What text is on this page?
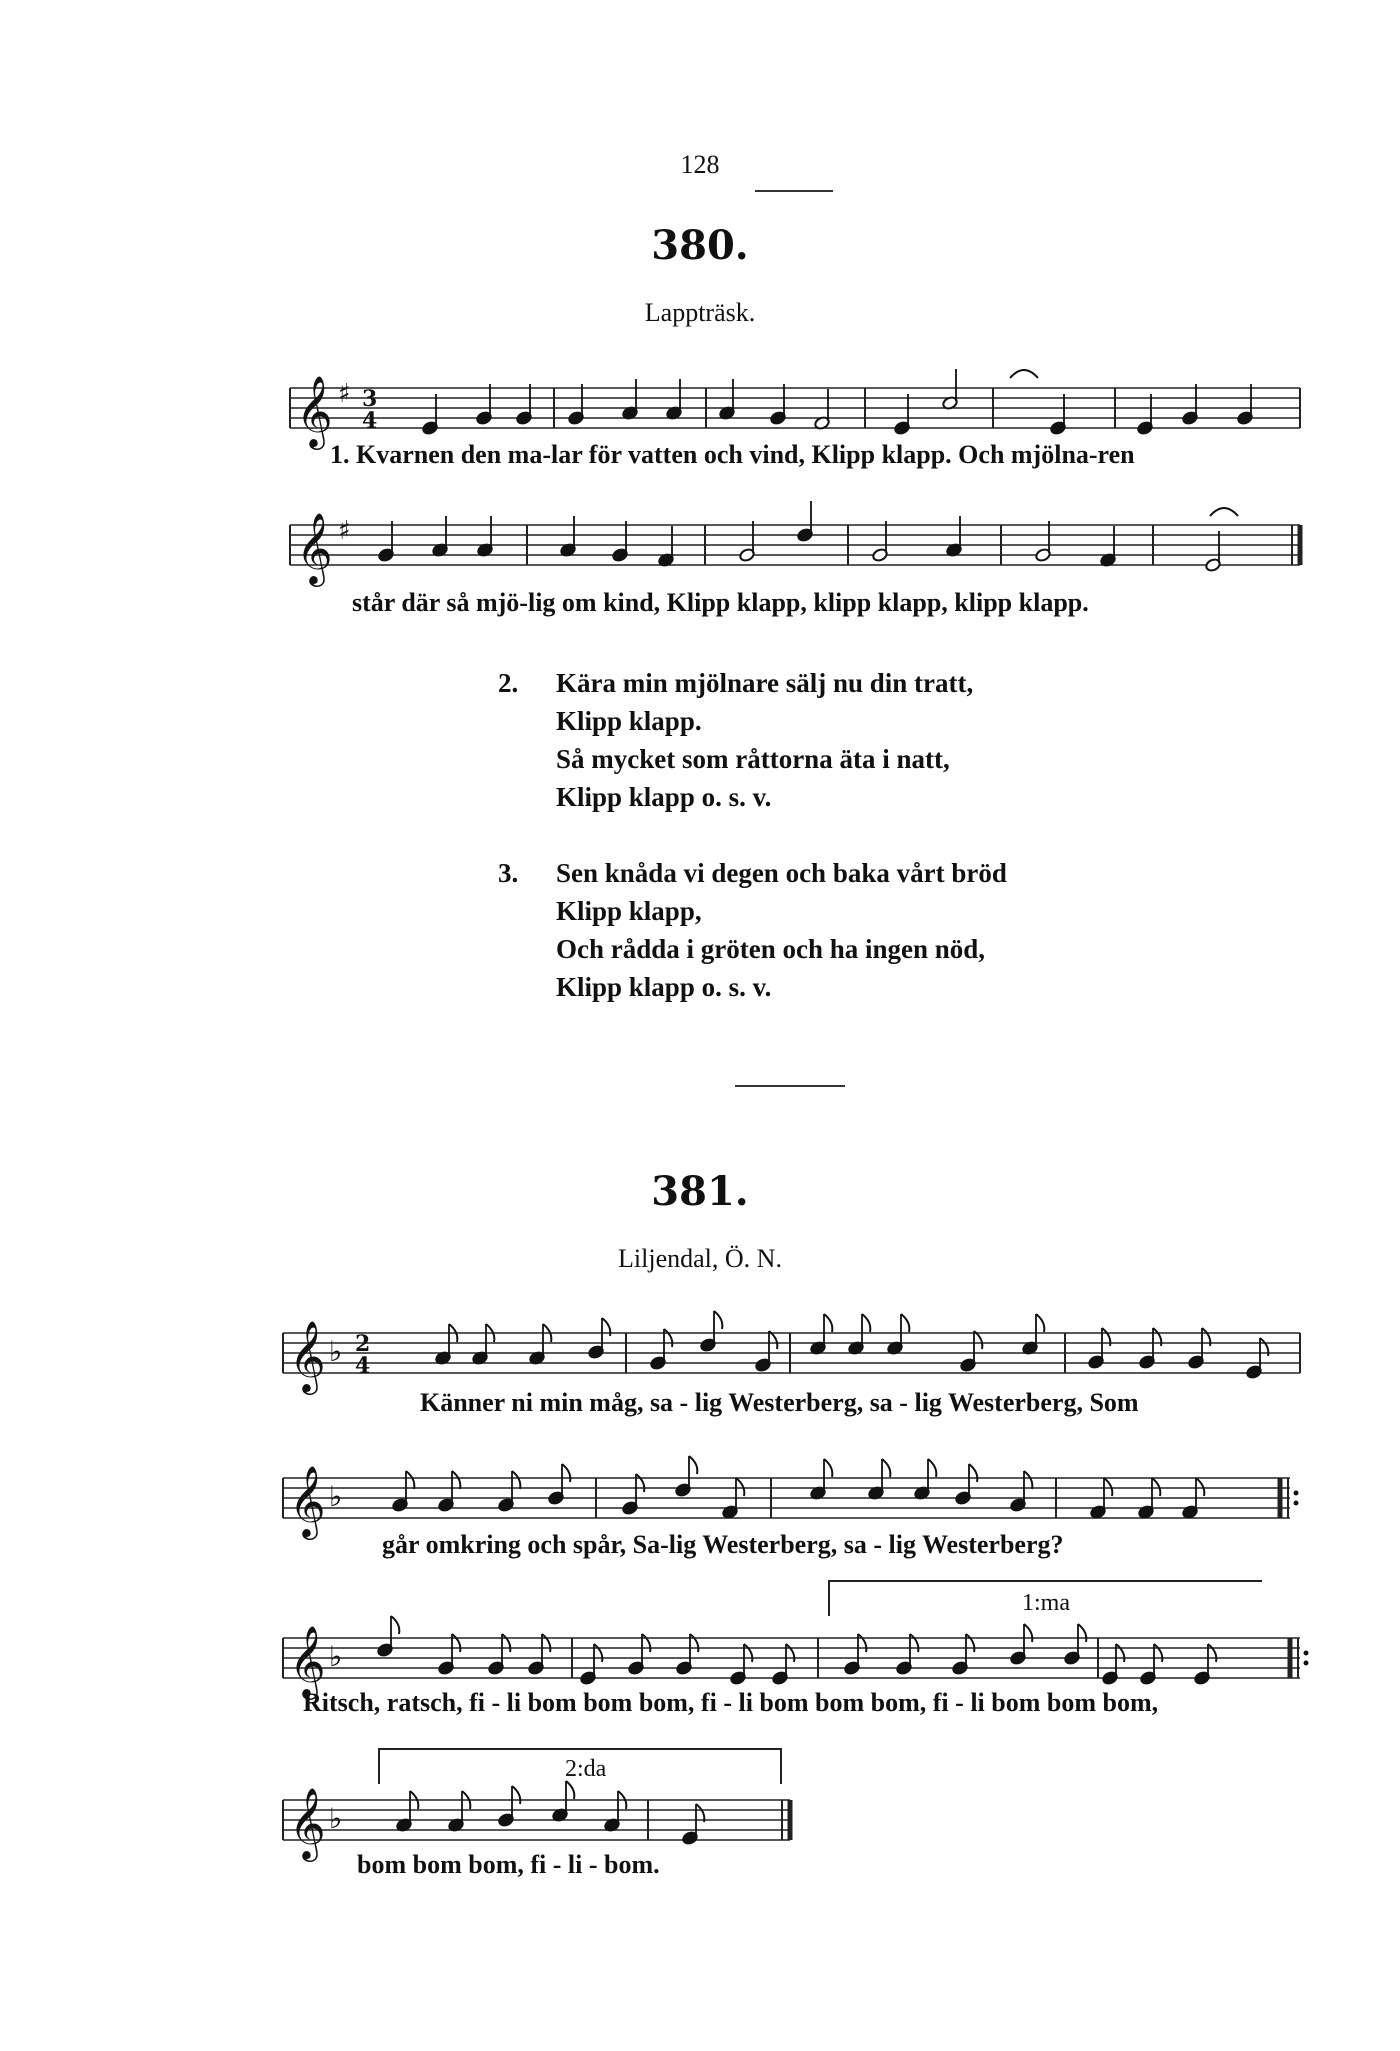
128
380.
Lappträsk.
𝄞 ♯ 3
4
𝄞 ♯
𝄞 ♭ 2
4
𝄞 ♭
𝄞 ♭
𝄞 ♭
1. Kvarnen den ma-lar för vatten och vind, Klipp klapp. Och mjölna-ren
står där så mjö-lig om kind, Klipp klapp, klipp klapp, klipp klapp.
2. Kära min mjölnare sälj nu din tratt,
Klipp klapp.
Så mycket som råttorna äta i natt,
Klipp klapp o. s. v.
3. Sen knåda vi degen och baka vårt bröd
Klipp klapp,
Och rådda i gröten och ha ingen nöd,
Klipp klapp o. s. v.
381.
Liljendal, Ö. N.
Känner ni min måg, sa - lig Westerberg, sa - lig Westerberg, Som
går omkring och spår, Sa-lig Westerberg, sa - lig Westerberg?
Ritsch, ratsch, fi - li bom bom bom, fi - li bom bom bom, fi - li bom bom bom,
bom bom bom, fi - li - bom.
1:ma
2:da
